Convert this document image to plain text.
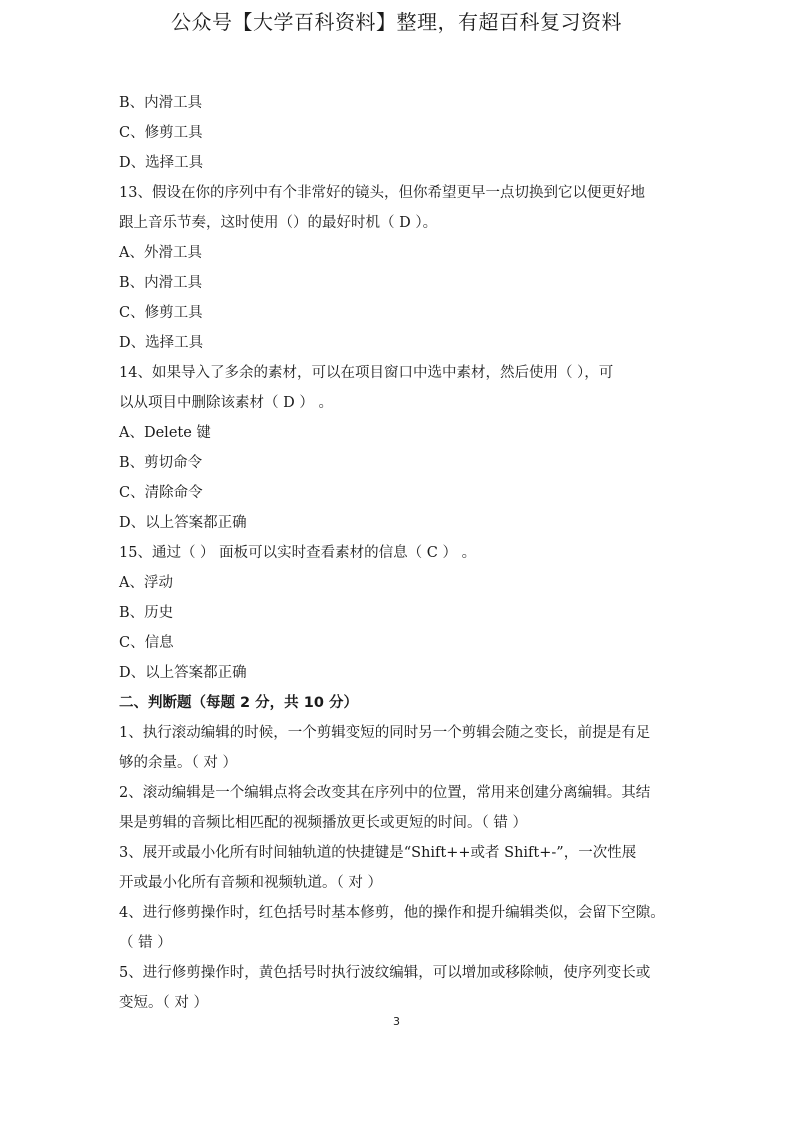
公众号【大学百科资料】整理，有超百科复习资料
B、内滑工具
C、修剪工具
D、选择工具
13、假设在你的序列中有个非常好的镜头，但你希望更早一点切换到它以便更好地
跟上音乐节奏，这时使用（）的最好时机（ D ）。
A、外滑工具
B、内滑工具
C、修剪工具
D、选择工具
14、如果导入了多余的素材，可以在项目窗口中选中素材，然后使用（ ），可
以从项目中删除该素材（ D ） 。
A、Delete 键
B、剪切命令
C、清除命令
D、以上答案都正确
15、通过（ ） 面板可以实时查看素材的信息（ C ） 。
A、浮动
B、历史
C、信息
D、以上答案都正确
二、判断题（每题 2 分，共 10 分）
1、执行滚动编辑的时候，一个剪辑变短的同时另一个剪辑会随之变长，前提是有足
够的余量。（ 对 ）
2、滚动编辑是一个编辑点将会改变其在序列中的位置，常用来创建分离编辑。其结
果是剪辑的音频比相匹配的视频播放更长或更短的时间。（ 错 ）
3、展开或最小化所有时间轴轨道的快捷键是“Shift++或者 Shift+-”，一次性展
开或最小化所有音频和视频轨道。（ 对 ）
4、进行修剪操作时，红色括号时基本修剪，他的操作和提升编辑类似，会留下空隙。
（ 错 ）
5、进行修剪操作时，黄色括号时执行波纹编辑，可以增加或移除帧，使序列变长或
变短。（ 对 ）
3
